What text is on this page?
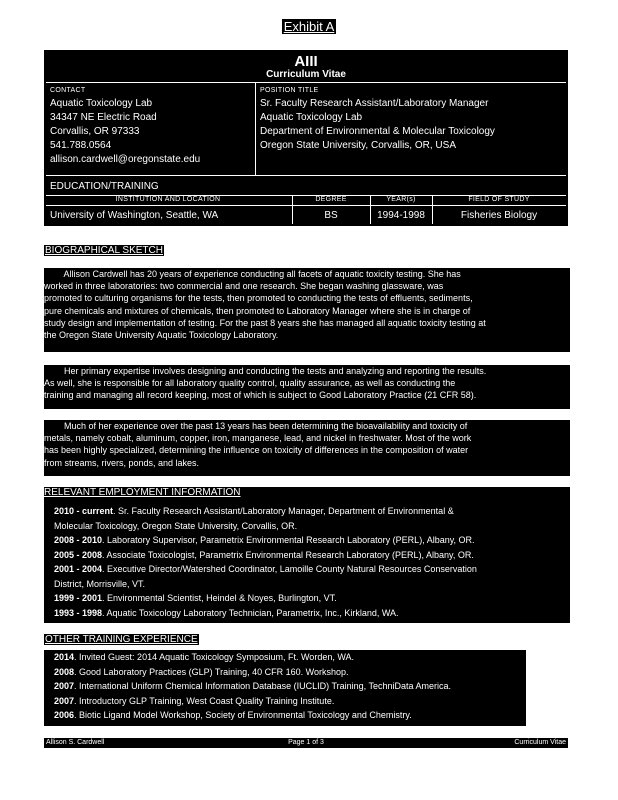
Exhibit A
AIII
Curriculum Vitae
CONTACT
Aquatic Toxicology Lab
34347 NE Electric Road
Corvallis, OR 97333
541.788.0564
allison.cardwell@oregonstate.edu
POSITION TITLE
Sr. Faculty Research Assistant/Laboratory Manager
Aquatic Toxicology Lab
Department of Environmental & Molecular Toxicology
Oregon State University, Corvallis, OR, USA
EDUCATION/TRAINING
INSTITUTION AND LOCATION	DEGREE	YEAR(s)	FIELD OF STUDY
University of Washington, Seattle, WA	BS	1994-1998	Fisheries Biology
BIOGRAPHICAL SKETCH
Allison Cardwell has 20 years of experience conducting all facets of aquatic toxicity testing. She has
worked in three laboratories: two commercial and one research. She began washing glassware, was
promoted to culturing organisms for the tests, then promoted to conducting the tests of effluents, sediments,
pure chemicals and mixtures of chemicals, then promoted to Laboratory Manager where she is in charge of
study design and implementation of testing. For the past 8 years she has managed all aquatic toxicity testing at
the Oregon State University Aquatic Toxicology Laboratory.
Her primary expertise involves designing and conducting the tests and analyzing and reporting the results.
As well, she is responsible for all laboratory quality control, quality assurance, as well as conducting the
training and managing all record keeping, most of which is subject to Good Laboratory Practice (21 CFR 58).
Much of her experience over the past 13 years has been determining the bioavailability and toxicity of
metals, namely cobalt, aluminum, copper, iron, manganese, lead, and nickel in freshwater. Most of the work
has been highly specialized, determining the influence on toxicity of differences in the composition of water
from streams, rivers, ponds, and lakes.
RELEVANT EMPLOYMENT INFORMATION
2010 - current. Sr. Faculty Research Assistant/Laboratory Manager, Department of Environmental &
Molecular Toxicology, Oregon State University, Corvallis, OR.
2008 - 2010. Laboratory Supervisor, Parametrix Environmental Research Laboratory (PERL), Albany, OR.
2005 - 2008. Associate Toxicologist, Parametrix Environmental Research Laboratory (PERL), Albany, OR.
2001 - 2004. Executive Director/Watershed Coordinator, Lamoille County Natural Resources Conservation
District, Morrisville, VT.
1999 - 2001. Environmental Scientist, Heindel & Noyes, Burlington, VT.
1993 - 1998. Aquatic Toxicology Laboratory Technician, Parametrix, Inc., Kirkland, WA.
OTHER TRAINING EXPERIENCE
2014. Invited Guest: 2014 Aquatic Toxicology Symposium, Ft. Worden, WA.
2008. Good Laboratory Practices (GLP) Training, 40 CFR 160. Workshop.
2007. International Uniform Chemical Information Database (IUCLID) Training, TechniData America.
2007. Introductory GLP Training, West Coast Quality Training Institute.
2006. Biotic Ligand Model Workshop, Society of Environmental Toxicology and Chemistry.
Allison S. Cardwell	Page 1 of 3	Curriculum Vitae
